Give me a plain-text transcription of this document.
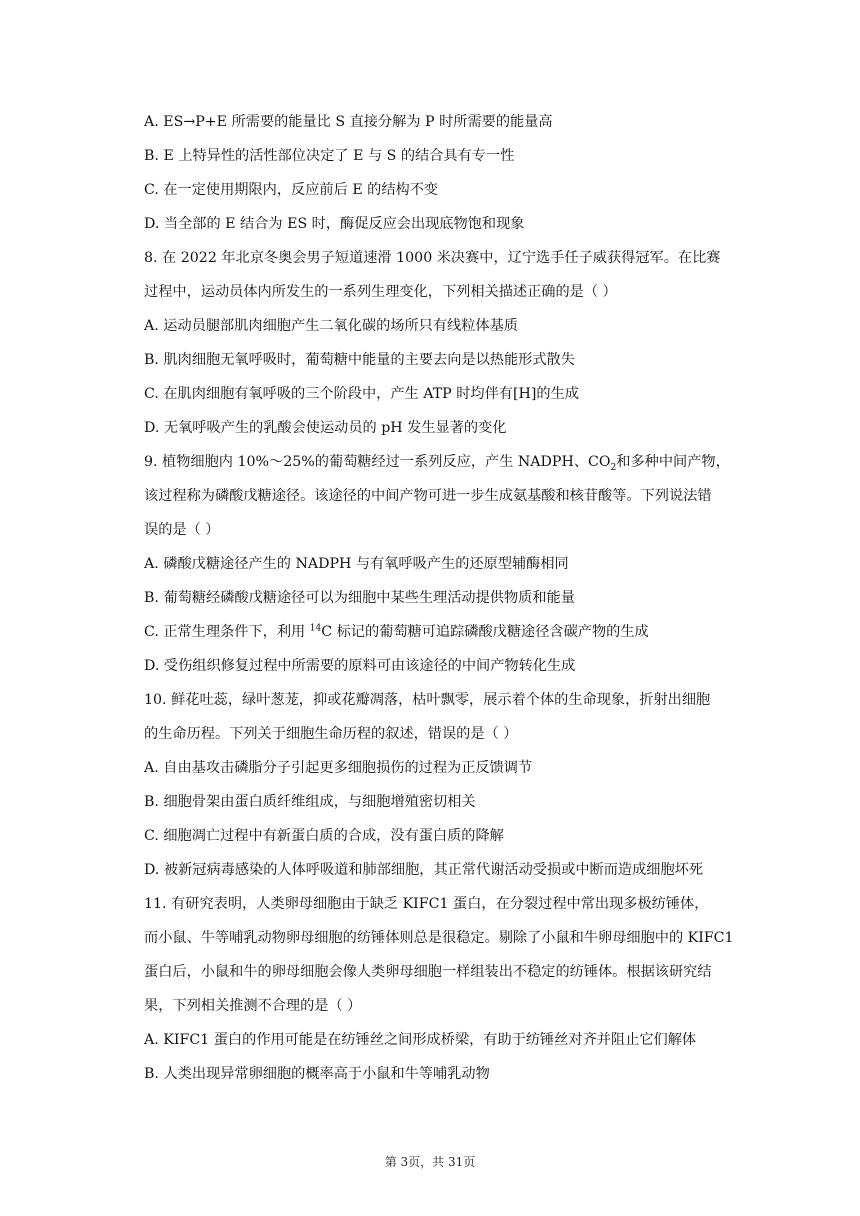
A. ES→P+E 所需要的能量比 S 直接分解为 P 时所需要的能量高
B. E 上特异性的活性部位决定了 E 与 S 的结合具有专一性
C. 在一定使用期限内，反应前后 E 的结构不变
D. 当全部的 E 结合为 ES 时，酶促反应会出现底物饱和现象
8. 在 2022 年北京冬奥会男子短道速滑 1000 米决赛中，辽宁选手任子威获得冠军。在比赛
过程中，运动员体内所发生的一系列生理变化，下列相关描述正确的是（ ）
A. 运动员腿部肌肉细胞产生二氧化碳的场所只有线粒体基质
B. 肌肉细胞无氧呼吸时，葡萄糖中能量的主要去向是以热能形式散失
C. 在肌肉细胞有氧呼吸的三个阶段中，产生 ATP 时均伴有[H]的生成
D. 无氧呼吸产生的乳酸会使运动员的 pH 发生显著的变化
9. 植物细胞内 10%～25%的葡萄糖经过一系列反应，产生 NADPH、$CO_2$和多种中间产物，
该过程称为磷酸戊糖途径。该途径的中间产物可进一步生成氨基酸和核苷酸等。下列说法错
误的是（ ）
A. 磷酸戊糖途径产生的 NADPH 与有氧呼吸产生的还原型辅酶相同
B. 葡萄糖经磷酸戊糖途径可以为细胞中某些生理活动提供物质和能量
C. 正常生理条件下，利用 $^{14}$C 标记的葡萄糖可追踪磷酸戊糖途径含碳产物的生成
D. 受伤组织修复过程中所需要的原料可由该途径的中间产物转化生成
10. 鲜花吐蕊，绿叶葱茏，抑或花瓣凋落，枯叶飘零，展示着个体的生命现象，折射出细胞
的生命历程。下列关于细胞生命历程的叙述，错误的是（ ）
A. 自由基攻击磷脂分子引起更多细胞损伤的过程为正反馈调节
B. 细胞骨架由蛋白质纤维组成，与细胞增殖密切相关
C. 细胞凋亡过程中有新蛋白质的合成，没有蛋白质的降解
D. 被新冠病毒感染的人体呼吸道和肺部细胞，其正常代谢活动受损或中断而造成细胞坏死
11. 有研究表明，人类卵母细胞由于缺乏 KIFC1 蛋白，在分裂过程中常出现多极纺锤体，
而小鼠、牛等哺乳动物卵母细胞的纺锤体则总是很稳定。剔除了小鼠和牛卵母细胞中的 KIFC1
蛋白后，小鼠和牛的卵母细胞会像人类卵母细胞一样组装出不稳定的纺锤体。根据该研究结
果，下列相关推测不合理的是（ ）
A. KIFC1 蛋白的作用可能是在纺锤丝之间形成桥梁，有助于纺锤丝对齐并阻止它们解体
B. 人类出现异常卵细胞的概率高于小鼠和牛等哺乳动物
第 3页，共 31页
